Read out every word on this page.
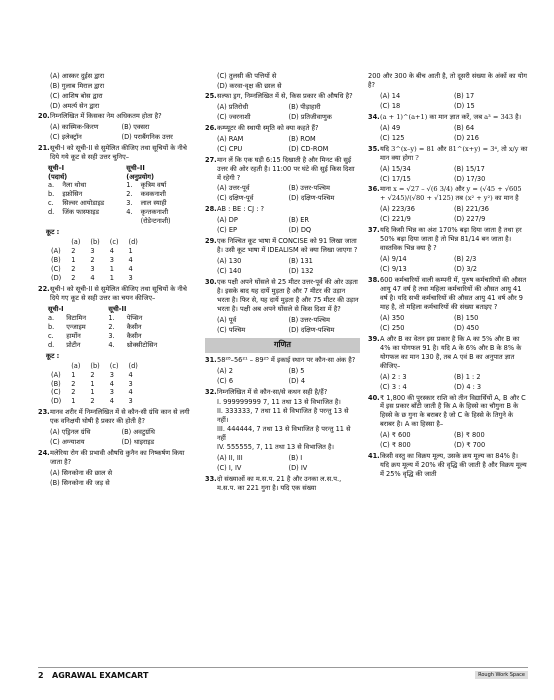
(A) आस्कर दुईस द्वारा
(B) गुलाब मिराल द्वारा
(C) आशिष बोस द्वारा
(D) अमर्त्य सेन द्वारा
20. निम्नलिखित में किसका नेम अधिकतम होता है?
(A) कास्मिक-किरण	(B) एक्सरा
(C) इलेक्ट्रॉन	(D) पराबैंगनिक उत्तर
21. सूची-I को सूची-II से सुमेलित कीजिए तथा सूचियों के नीचे दिये गये कूट से सही उत्तर चुनिए–
सूची–I		सूची–II	
(पदार्थ)		(अनुप्रयोग)	
a.	नैला थोथा	1.	कृत्रिम वर्षा
b.	इफ्रोसिन	2.	कवकनाशी
c.	सिल्वर आयोडाइड	3.	लाल स्याही
d.	जिंक फास्फाइड	4.	कृन्तकनाशी
			(रोडेन्टनाशी)
कूट :
	(a)	(b)	(c)	(d)
(A)	2	3	4	1
(B)	1	2	3	4
(C)	2	3	1	4
(D)	2	4	1	3
22. सूची-I को सूची-II से सुमेलित कीजिए तथा सूचियों के नीचे दिये गए कूट से सही उत्तर का चयन कीजिए–
सूची-I		सूची-II	
a.	विटामिन	1.	पेप्सिन
b.	एन्जाइम	2.	कैसीन
c.	हार्मोन	3.	कैसीन
d.	प्रोटीन	4.	थ्रोक्सीटोसिन
कूट :
	(a)	(b)	(c)	(d)
(A)	1	2	3	4
(B)	2	1	4	3
(C)	2	1	3	4
(D)	1	2	4	3
23. मानव शरीर में निम्नलिखित में से कौन-सी ग्रंथि कान से लगी एक वनिक्षयी घोषी है प्रकार की होती है?
(A) एड्रिनल ग्रंथि	(B) अवटुग्रंथि
(C) अग्न्याशय	(D) थाइराइड
24. मलेरिया रोग की प्रभावी औषधि कुनैन का निष्कर्षण किया जाता है?
(A) सिनकोना की छाल से
(B) सिनकोना की जड़ से
(C) तुलसी की पत्तियों से
(D) करवा-वृक्ष की छाल से
25. सल्फा ड्रग, निम्नलिखित में से, किस प्रकार की औषधि है?
(A) प्रतिरोधी	(B) पीड़ाहारी
(C) ज्वरनाशी	(D) प्रतिजीवाणुक
26. कम्प्यूटर की स्थायी स्मृति को क्या कहते हैं?
(A) RAM	(B) ROM
(C) CPU	(D) CD-ROM
27. मान लें कि एक घड़ी 6:15 दिखाती है और मिनट की सुई उत्तर की ओर रहती है। 11:00 पर घंटे की सुई किस दिशा में रहेगी ?
(A) उत्तर-पूर्व	(B) उत्तर-पश्चिम
(C) दक्षिण-पूर्व	(D) दक्षिण-पश्चिम
28. AB : BE : CJ : ?
(A) DP	(B) ER
(C) EP	(D) DQ
29. एक निश्चित कूट भाषा में CONCISE को 91 लिखा जाता है। उसी कूट भाषा में IDEALISM को क्या लिखा जाएगा ?
(A) 130	(B) 131
(C) 140	(D) 132
30. एक पक्षी अपने घोंसले से 25 मीटर उत्तर-पूर्व की ओर उड़ता है। इसके बाद यह दायें मुड़ता है और 7 मीटर की उड़ान भरता है। फिर से, यह दायें मुड़ता है और 75 मीटर की उड़ान भरता है। पक्षी अब अपने घोंसले से किस दिशा में है?
(A) पूर्व	(B) उत्तर-पश्चिम
(C) पश्चिम	(D) दक्षिण-पश्चिम
गणित
31. 58²⁸–56²¹ – 89²⁵ में इकाई स्थान पर कौन-सा अंक है?
(A) 2	(B) 5
(C) 6	(D) 4
32. निम्नलिखित में से कौन-सा/से कथन सही है/हैं?
I. 999999999 7, 11 तथा 13 से विभाजित है।
II. 333333, 7 तथा 11 से विभाजित है परन्तु 13 से नहीं।
III. 444444, 7 तथा 13 से विभाजित है परन्तु 11 से नहीं
IV. 555555, 7, 11 तथा 13 से विभाजित है।
(A) II, III	(B) I
(C) I, IV	(D) IV
33. दो संख्याओं का म.स.प. 21 है और उनका ल.स.प., म.स.प. का 221 गुना है। यदि एक संख्या
200 और 300 के बीच आती है, तो दूसरी संख्या के अंकों का योग है?
(A) 14	(B) 17
(C) 18	(D) 15
34. (a + 1)^(a+1) का मान ज्ञात करें, जब a³ = 343 है।
(A) 49	(B) 64
(C) 125	(D) 216
35. यदि 3^(x–y) = 81 और 81^(x+y) = 3⁴, तो x/y का मान क्या होगा ?
(A) 15/34	(B) 15/17
(C) 17/15	(D) 17/30
36. माना x = √27 – √(6 3/4) और y = (√45 + √605 + √245)/(√80 + √125) तब (x² + y²) का मान है
(A) 223/36	(B) 221/36
(C) 221/9	(D) 227/9
37. यदि किसी भिन्न का अंश 170% बढ़ा दिया जाता है तथा हर 50% बढ़ा दिया जाता है तो भिन्न 81/14 बन जाता है। वास्तविक भिन्न क्या है ?
(A) 9/14	(B) 2/3
(C) 9/13	(D) 3/2
38. 600 कर्मचारियों वाली कम्पनी में, पुरुष कर्मचारियों की औसत आयु 47 वर्ष है तथा महिला कर्मचारियों की औसत आयु 41 वर्ष है। यदि सभी कर्मचारियों की औसत आयु 41 वर्ष और 9 माह है, तो महिला कर्मचारियों की संख्या बताइए ?
(A) 350	(B) 150
(C) 250	(D) 450
39. A और B का वेतन इस प्रकार है कि A का 5% और B का 4% का योगफल 91 है। यदि A के 6% और B के 8% के योगफल का मान 130 है, तब A एवं B का अनुपात ज्ञात कीजिए–
(A) 2 : 3	(B) 1 : 2
(C) 3 : 4	(D) 4 : 3
40. ₹ 1,800 की पुरस्कार राशि को तीन विद्यार्थियों A, B और C में इस प्रकार बाँटी जाती है कि A के हिस्से का चौगुना B के हिस्से के छ गुना के बराबर है जो C के हिस्से के तिगुने के बराबर है। A का हिस्सा है–
(A) ₹ 600	(B) ₹ 800
(C) ₹ 800	(D) ₹ 700
41. किसी वस्तु का विक्रय मूल्य, उसके क्रय मूल्य का 84% है। यदि क्रय मूल्य में 20% की वृद्धि की जाती है और विक्रय मूल्य में 25% वृद्धि की जाती
2 AGRAWAL EXAMCART	Rough Work Space
